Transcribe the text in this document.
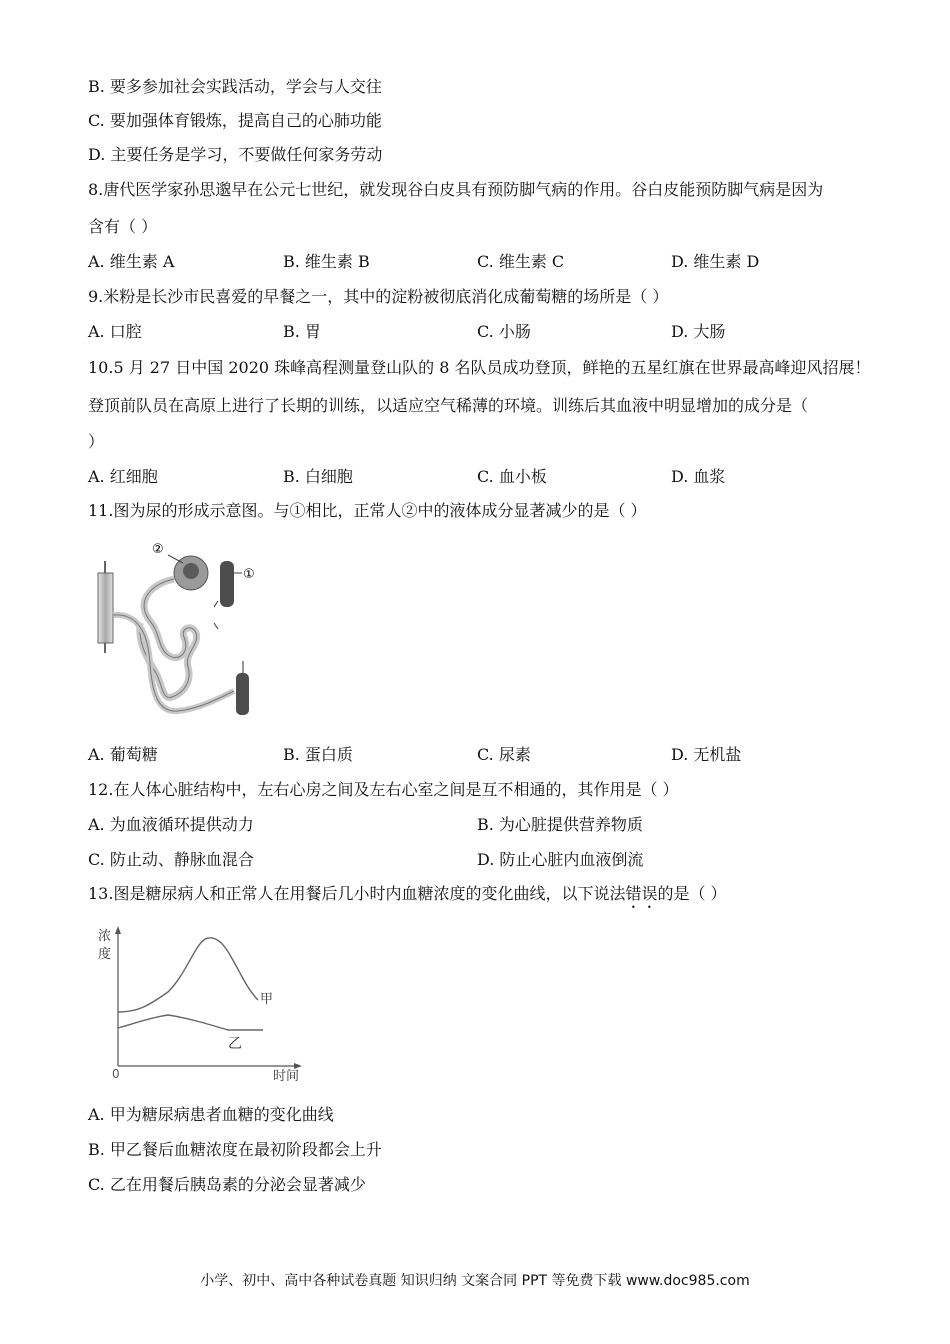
B. 要多参加社会实践活动，学会与人交往
C. 要加强体育锻炼，提高自己的心肺功能
D. 主要任务是学习，不要做任何家务劳动
8.唐代医学家孙思邈早在公元七世纪，就发现谷白皮具有预防脚气病的作用。谷白皮能预防脚气病是因为
含有（ ）
A. 维生素 A	B. 维生素 B	C. 维生素 C	D. 维生素 D
9.米粉是长沙市民喜爱的早餐之一，其中的淀粉被彻底消化成葡萄糖的场所是（ ）
A. 口腔	B. 胃	C. 小肠	D. 大肠
10.5 月 27 日中国 2020 珠峰高程测量登山队的 8 名队员成功登顶，鲜艳的五星红旗在世界最高峰迎风招展！
登顶前队员在高原上进行了长期的训练，以适应空气稀薄的环境。训练后其血液中明显增加的成分是（
）
A. 红细胞	B. 白细胞	C. 血小板	D. 血浆
11.图为尿的形成示意图。与①相比，正常人②中的液体成分显著减少的是（ ）
①
②
A. 葡萄糖	B. 蛋白质	C. 尿素	D. 无机盐
12.在人体心脏结构中，左右心房之间及左右心室之间是互不相通的，其作用是（ ）
A. 为血液循环提供动力	B. 为心脏提供营养物质
C. 防止动、静脉血混合	D. 防止心脏内血液倒流
13.图是糖尿病人和正常人在用餐后几小时内血糖浓度的变化曲线，以下说法错误的是（ ）
浓
度
0	时间
甲
乙
A. 甲为糖尿病患者血糖的变化曲线
B. 甲乙餐后血糖浓度在最初阶段都会上升
C. 乙在用餐后胰岛素的分泌会显著减少
小学、初中、高中各种试卷真题 知识归纳 文案合同 PPT 等免费下载 www.doc985.com
